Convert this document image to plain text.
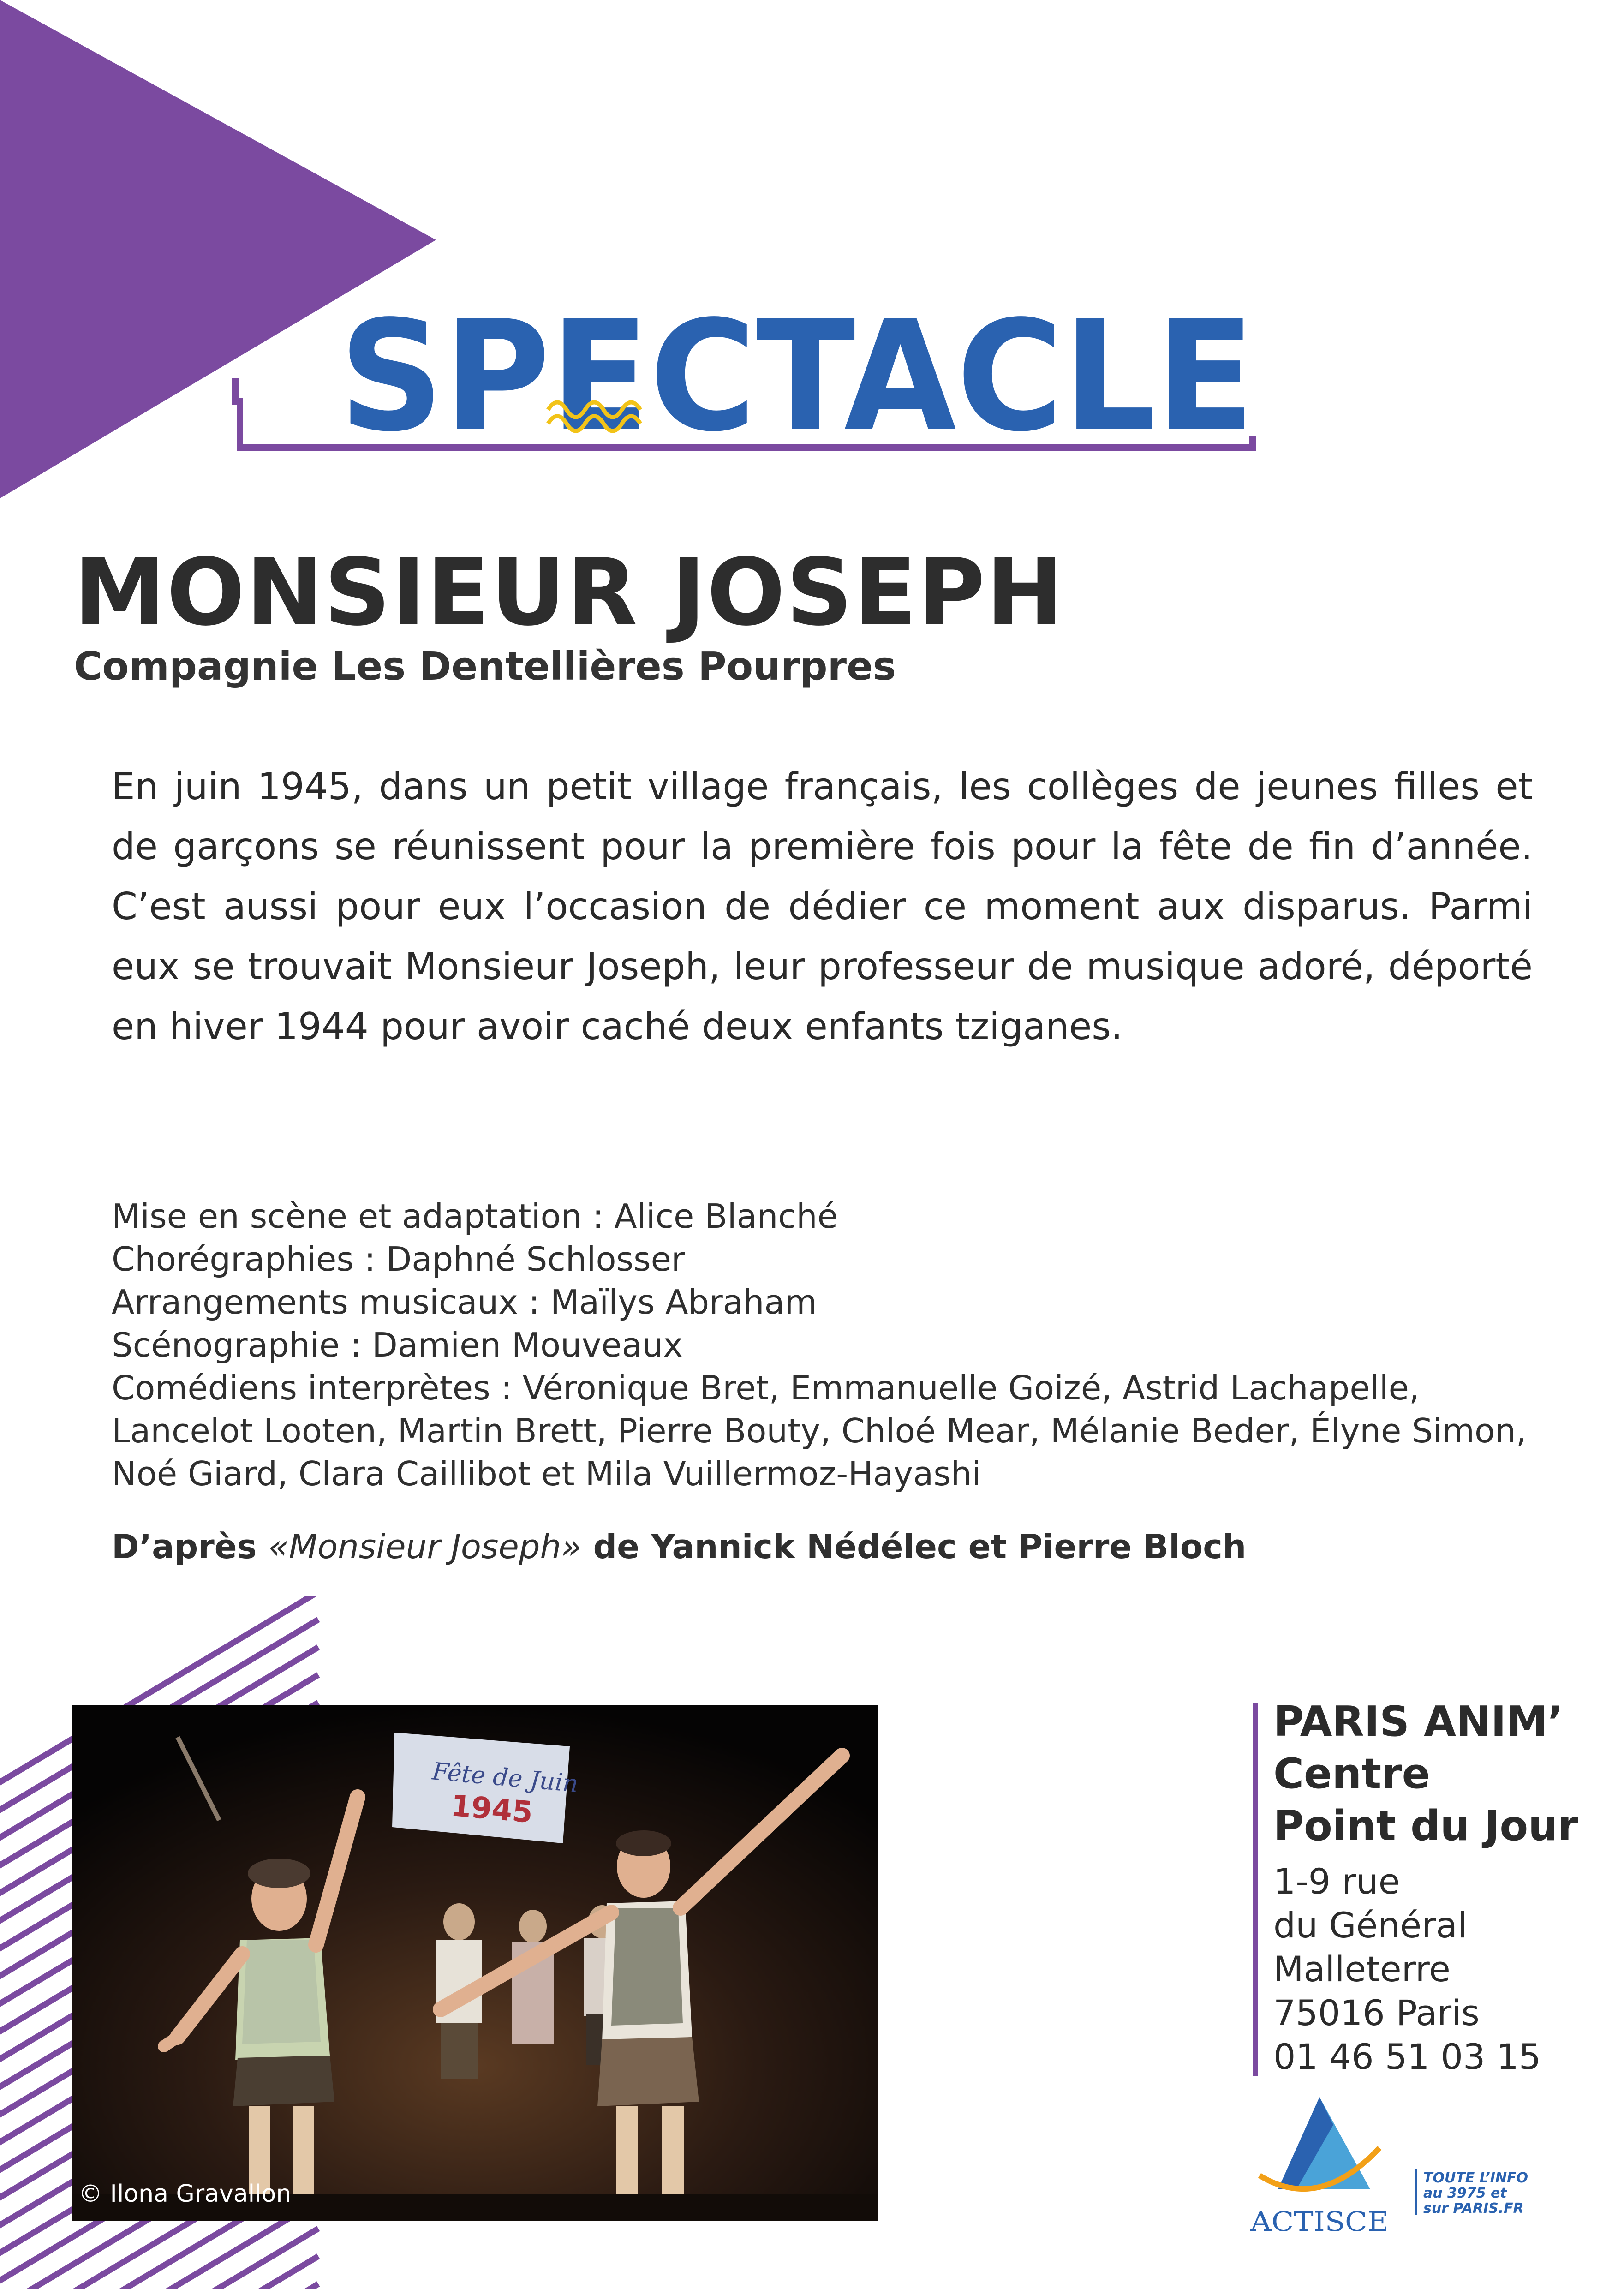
SPECTACLE
MONSIEUR JOSEPH
Compagnie Les Dentellières Pourpres
En juin 1945, dans un petit village français, les collèges de jeunes filles et de garçons se réunissent pour la première fois pour la fête de fin d’année. C’est aussi pour eux l’occasion de dédier ce moment aux disparus. Parmi eux se trouvait Monsieur Joseph, leur professeur de musique adoré, déporté en hiver 1944 pour avoir caché deux enfants tziganes.
Mise en scène et adaptation : Alice Blanché
Chorégraphies : Daphné Schlosser
Arrangements musicaux : Maïlys Abraham
Scénographie : Damien Mouveaux
Comédiens interprètes : Véronique Bret, Emmanuelle Goizé, Astrid Lachapelle, Lancelot Looten, Martin Brett, Pierre Bouty, Chloé Mear, Mélanie Beder, Élyne Simon, Noé Giard, Clara Caillibot et Mila Vuillermoz-Hayashi
D’après «Monsieur Joseph» de Yannick Nédélec et Pierre Bloch
Fête de Juin
1945
© Ilona Gravallon
PARIS ANIM’
Centre
Point du Jour
1-9 rue
du Général
Malleterre
75016 Paris
01 46 51 03 15
ACTISCE
TOUTE L’INFO
au 3975 et
sur PARIS.FR
